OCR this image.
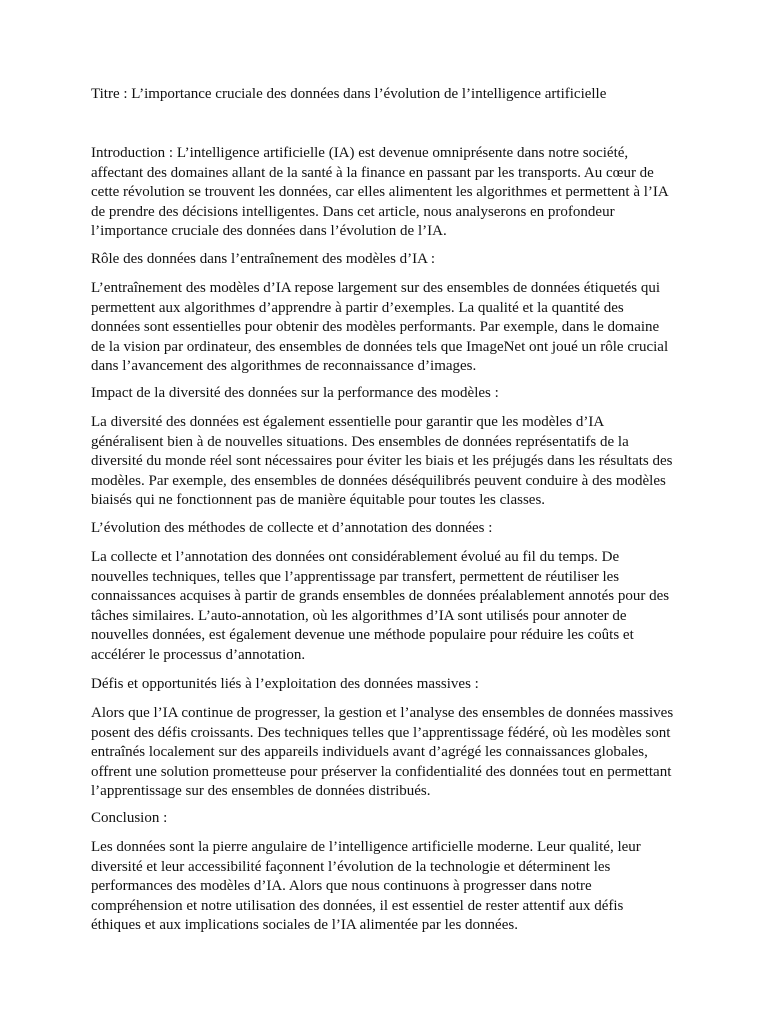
Titre : L’importance cruciale des données dans l’évolution de l’intelligence artificielle

Introduction : L’intelligence artificielle (IA) est devenue omniprésente dans notre société, affectant des domaines allant de la santé à la finance en passant par les transports. Au cœur de cette révolution se trouvent les données, car elles alimentent les algorithmes et permettent à l’IA de prendre des décisions intelligentes. Dans cet article, nous analyserons en profondeur l’importance cruciale des données dans l’évolution de l’IA.

Rôle des données dans l’entraînement des modèles d’IA :

L’entraînement des modèles d’IA repose largement sur des ensembles de données étiquetés qui permettent aux algorithmes d’apprendre à partir d’exemples. La qualité et la quantité des données sont essentielles pour obtenir des modèles performants. Par exemple, dans le domaine de la vision par ordinateur, des ensembles de données tels que ImageNet ont joué un rôle crucial dans l’avancement des algorithmes de reconnaissance d’images.

Impact de la diversité des données sur la performance des modèles :

La diversité des données est également essentielle pour garantir que les modèles d’IA généralisent bien à de nouvelles situations. Des ensembles de données représentatifs de la diversité du monde réel sont nécessaires pour éviter les biais et les préjugés dans les résultats des modèles. Par exemple, des ensembles de données déséquilibrés peuvent conduire à des modèles biaisés qui ne fonctionnent pas de manière équitable pour toutes les classes.

L’évolution des méthodes de collecte et d’annotation des données :

La collecte et l’annotation des données ont considérablement évolué au fil du temps. De nouvelles techniques, telles que l’apprentissage par transfert, permettent de réutiliser les connaissances acquises à partir de grands ensembles de données préalablement annotés pour des tâches similaires. L’auto-annotation, où les algorithmes d’IA sont utilisés pour annoter de nouvelles données, est également devenue une méthode populaire pour réduire les coûts et accélérer le processus d’annotation.

Défis et opportunités liés à l’exploitation des données massives :

Alors que l’IA continue de progresser, la gestion et l’analyse des ensembles de données massives posent des défis croissants. Des techniques telles que l’apprentissage fédéré, où les modèles sont entraînés localement sur des appareils individuels avant d’agrégé les connaissances globales, offrent une solution prometteuse pour préserver la confidentialité des données tout en permettant l’apprentissage sur des ensembles de données distribués.

Conclusion :

Les données sont la pierre angulaire de l’intelligence artificielle moderne. Leur qualité, leur diversité et leur accessibilité façonnent l’évolution de la technologie et déterminent les performances des modèles d’IA. Alors que nous continuons à progresser dans notre compréhension et notre utilisation des données, il est essentiel de rester attentif aux défis éthiques et aux implications sociales de l’IA alimentée par les données.
